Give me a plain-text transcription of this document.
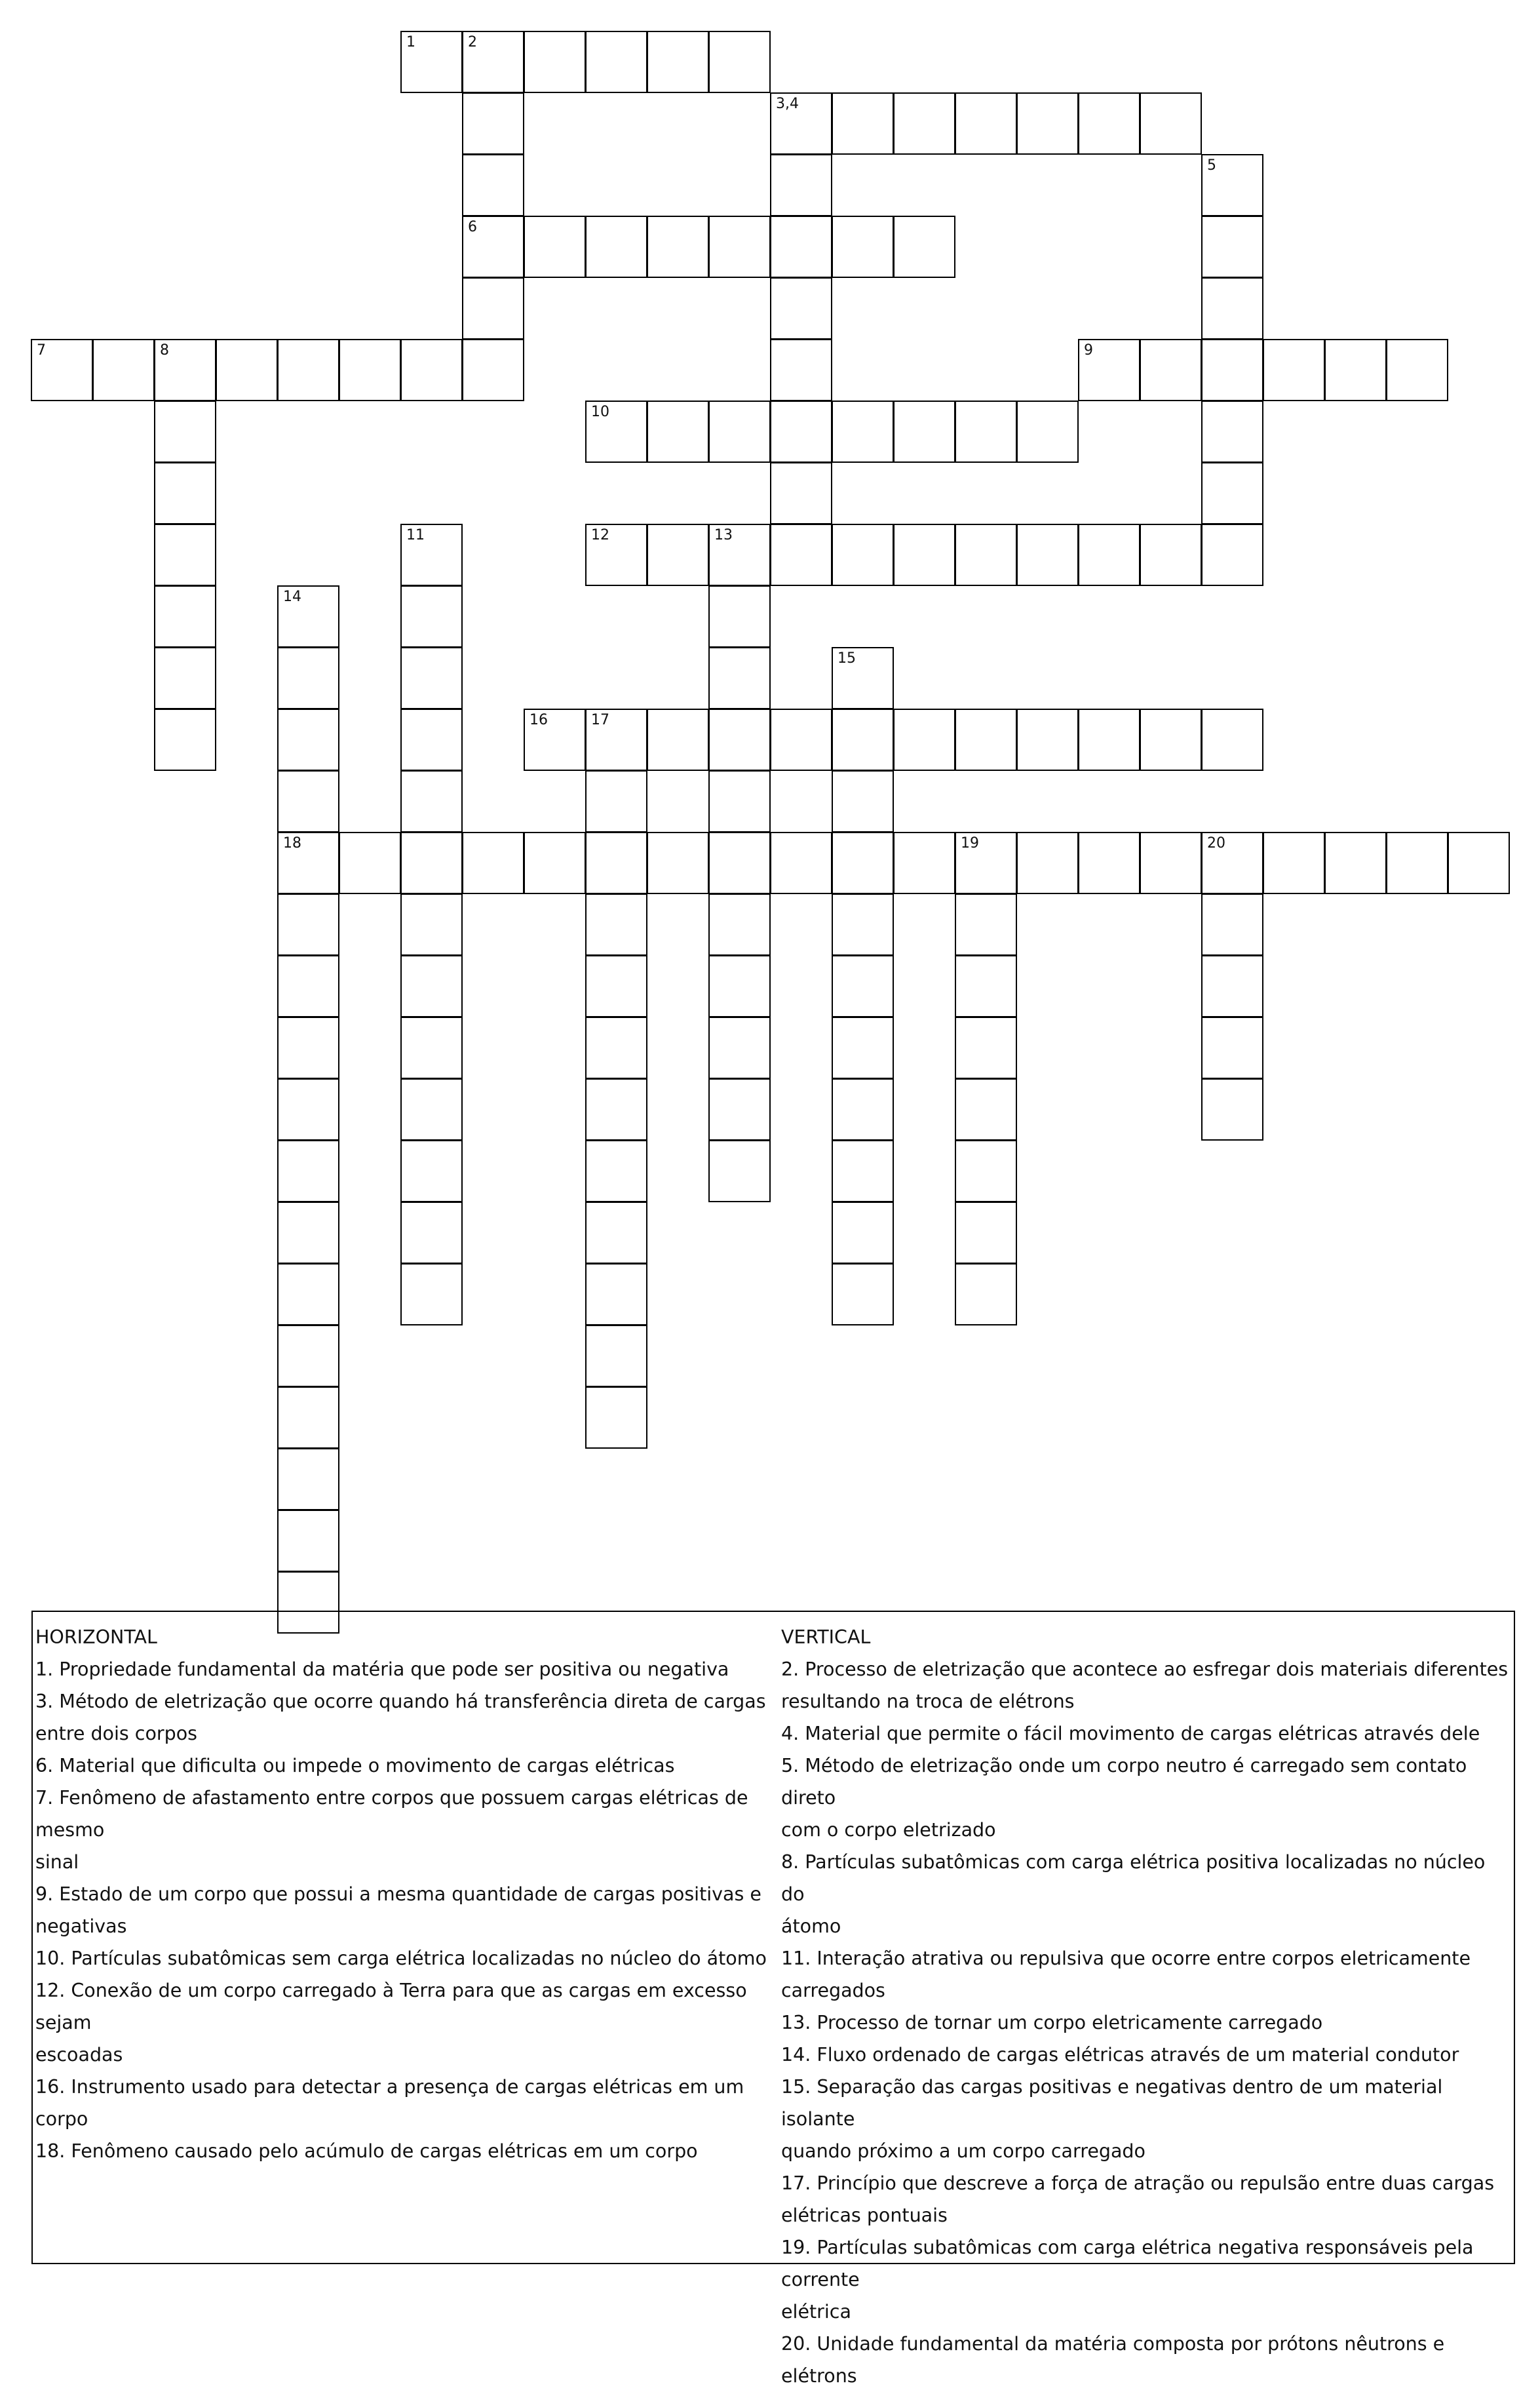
1	2
6
3,4
5
7	8	9
10
11	12	13
14
18
15
16	17
19	20
HORIZONTAL
1. Propriedade fundamental da matéria que pode ser positiva ou negativa
3. Método de eletrização que ocorre quando há transferência direta de cargas
entre dois corpos
6. Material que dificulta ou impede o movimento de cargas elétricas
7. Fenômeno de afastamento entre corpos que possuem cargas elétricas de mesmo
sinal
9. Estado de um corpo que possui a mesma quantidade de cargas positivas e
negativas
10. Partículas subatômicas sem carga elétrica localizadas no núcleo do átomo
12. Conexão de um corpo carregado à Terra para que as cargas em excesso sejam
escoadas
16. Instrumento usado para detectar a presença de cargas elétricas em um corpo
18. Fenômeno causado pelo acúmulo de cargas elétricas em um corpo
VERTICAL
2. Processo de eletrização que acontece ao esfregar dois materiais diferentes
resultando na troca de elétrons
4. Material que permite o fácil movimento de cargas elétricas através dele
5. Método de eletrização onde um corpo neutro é carregado sem contato direto
com o corpo eletrizado
8. Partículas subatômicas com carga elétrica positiva localizadas no núcleo do
átomo
11. Interação atrativa ou repulsiva que ocorre entre corpos eletricamente
carregados
13. Processo de tornar um corpo eletricamente carregado
14. Fluxo ordenado de cargas elétricas através de um material condutor
15. Separação das cargas positivas e negativas dentro de um material isolante
quando próximo a um corpo carregado
17. Princípio que descreve a força de atração ou repulsão entre duas cargas
elétricas pontuais
19. Partículas subatômicas com carga elétrica negativa responsáveis pela corrente
elétrica
20. Unidade fundamental da matéria composta por prótons nêutrons e elétrons
